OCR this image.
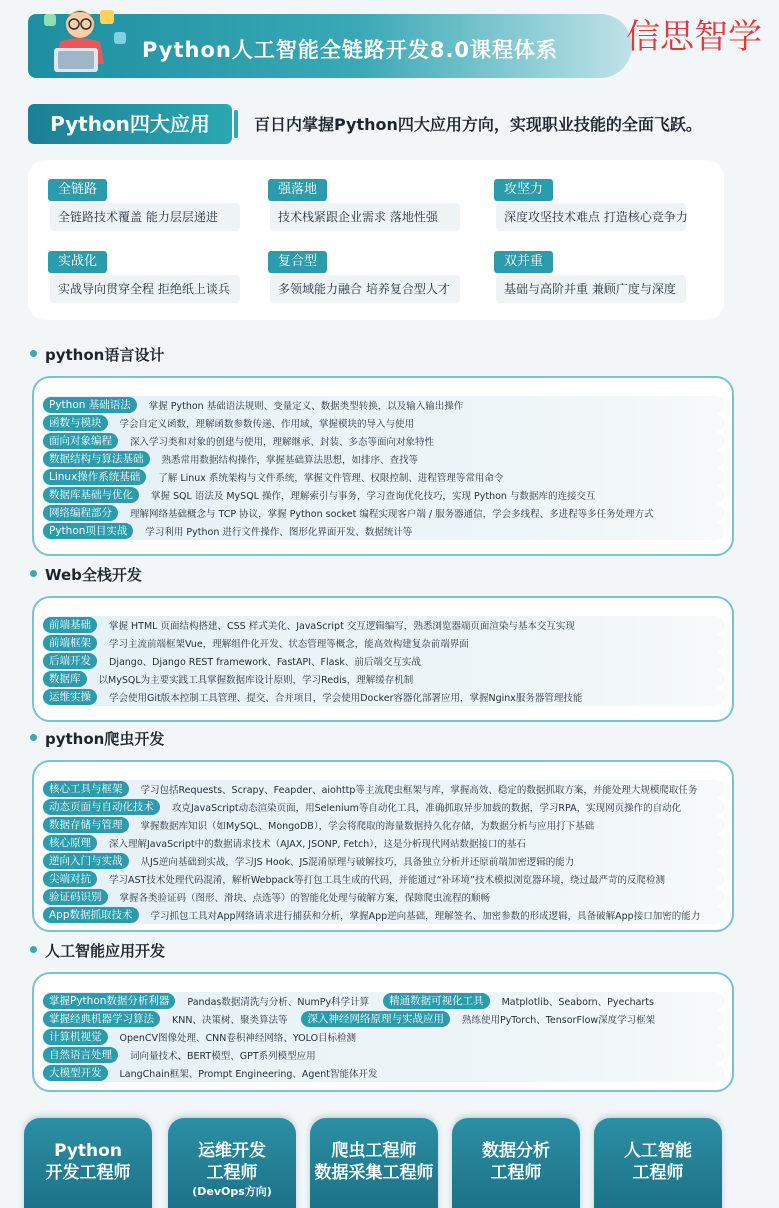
Python人工智能全链路开发8.0课程体系 信思智学
Python四大应用	百日内掌握Python四大应用方向，实现职业技能的全面飞跃。
全链路
全链路技术覆盖 能力层层递进
强落地
技术栈紧跟企业需求 落地性强
攻坚力
深度攻坚技术难点 打造核心竞争力
实战化
实战导向贯穿全程 拒绝纸上谈兵
复合型
多领域能力融合 培养复合型人才
双并重
基础与高阶并重 兼顾广度与深度
python语言设计
Python 基础语法	掌握 Python 基础语法规则、变量定义、数据类型转换，以及输入输出操作
函数与模块	学会自定义函数，理解函数参数传递、作用域，掌握模块的导入与使用
面向对象编程	深入学习类和对象的创建与使用，理解继承、封装、多态等面向对象特性
数据结构与算法基础	熟悉常用数据结构操作，掌握基础算法思想，如排序、查找等
Linux操作系统基础	了解 Linux 系统架构与文件系统，掌握文件管理、权限控制、进程管理等常用命令
数据库基础与优化	掌握 SQL 语法及 MySQL 操作，理解索引与事务，学习查询优化技巧，实现 Python 与数据库的连接交互
网络编程部分	理解网络基础概念与 TCP 协议，掌握 Python socket 编程实现客户端 / 服务器通信，学会多线程、多进程等多任务处理方式
Python项目实战	学习利用 Python 进行文件操作、图形化界面开发、数据统计等
Web全栈开发
前端基础	掌握 HTML 页面结构搭建、CSS 样式美化、JavaScript 交互逻辑编写，熟悉浏览器端页面渲染与基本交互实现
前端框架	学习主流前端框架Vue，理解组件化开发、状态管理等概念，能高效构建复杂前端界面
后端开发	Django、Django REST framework、FastAPI、Flask、前后端交互实战
数据库	以MySQL为主要实践工具掌握数据库设计原则，学习Redis，理解缓存机制
运维实操	学会使用Git版本控制工具管理、提交、合并项目，学会使用Docker容器化部署应用，掌握Nginx服务器管理技能
python爬虫开发
核心工具与框架	学习包括Requests、Scrapy、Feapder、aiohttp等主流爬虫框架与库，掌握高效、稳定的数据抓取方案，并能处理大规模爬取任务
动态页面与自动化技术	攻克JavaScript动态渲染页面，用Selenium等自动化工具，准确抓取异步加载的数据，学习RPA，实现网页操作的自动化
数据存储与管理	掌握数据库知识（如MySQL、MongoDB），学会将爬取的海量数据持久化存储，为数据分析与应用打下基础
核心原理	深入理解JavaScript中的数据请求技术（AJAX, JSONP, Fetch），这是分析现代网站数据接口的基石
逆向入门与实战	从JS逆向基础到实战，学习JS Hook、JS混淆原理与破解技巧，具备独立分析并还原前端加密逻辑的能力
尖端对抗	学习AST技术处理代码混淆，解析Webpack等打包工具生成的代码，并能通过“补环境”技术模拟浏览器环境，绕过最严苛的反爬检测
验证码识别	掌握各类验证码（图形、滑块、点选等）的智能化处理与破解方案，保障爬虫流程的顺畅
App数据抓取技术	学习抓包工具对App网络请求进行捕获和分析，掌握App逆向基础，理解签名、加密参数的形成逻辑，具备破解App接口加密的能力
人工智能应用开发
掌握Python数据分析利器	Pandas数据清洗与分析、NumPy科学计算	精通数据可视化工具	Matplotlib、Seaborn、Pyecharts
掌握经典机器学习算法	KNN、决策树、聚类算法等	深入神经网络原理与实战应用	熟练使用PyTorch、TensorFlow深度学习框架
计算机视觉	OpenCV图像处理、CNN卷积神经网络、YOLO目标检测
自然语言处理	词向量技术、BERT模型、GPT系列模型应用
大模型开发	LangChain框架、Prompt Engineering、Agent智能体开发
Python
开发工程师
运维开发
工程师
(DevOps方向)
爬虫工程师
数据采集工程师
数据分析
工程师
人工智能
工程师
